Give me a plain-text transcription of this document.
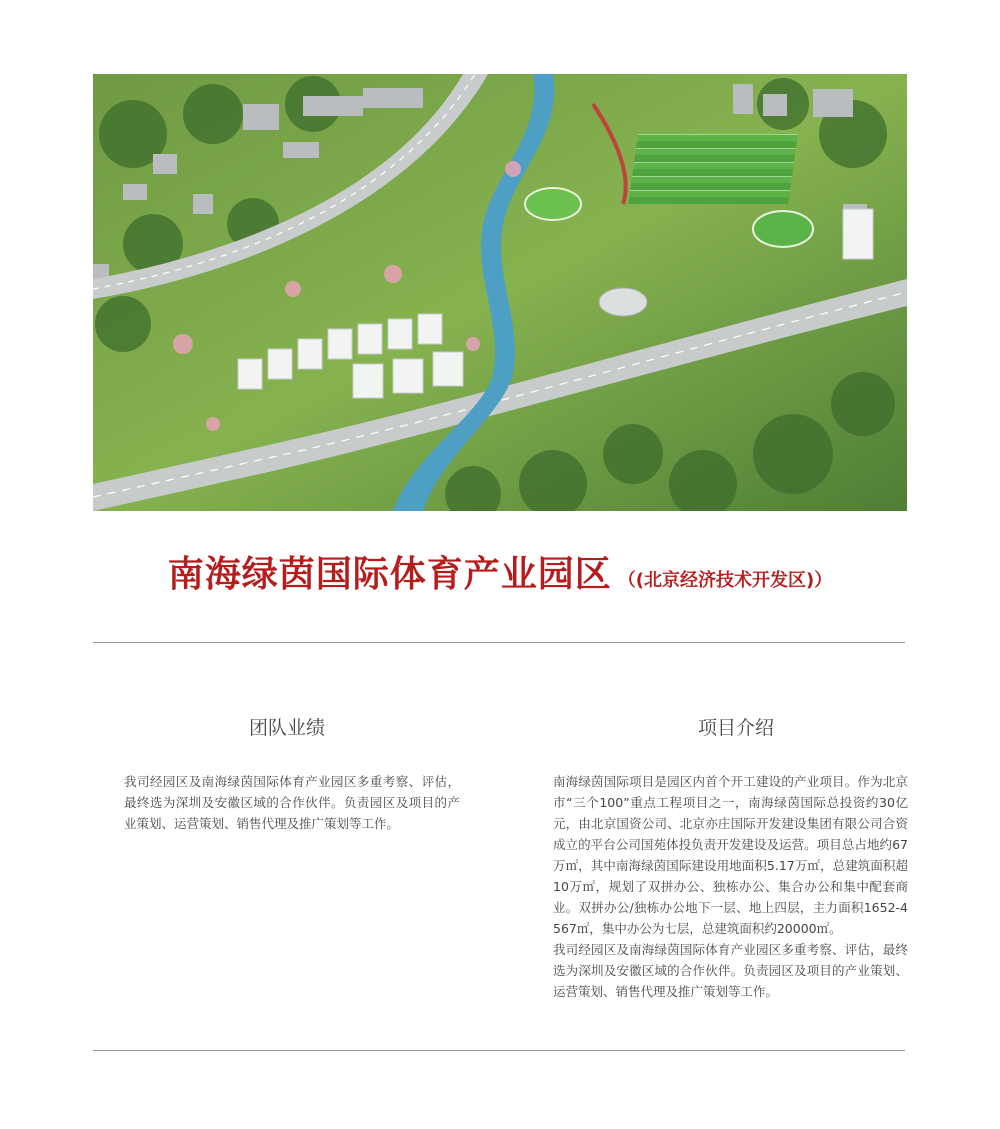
南海绿茵国际体育产业园区 （(北京经济技术开发区)）
团队业绩

我司经园区及南海绿茵国际体育产业园区多重考察、评估，最终选为深圳及安徽区域的合作伙伴。负责园区及项目的产业策划、运营策划、销售代理及推广策划等工作。

项目介绍

南海绿茵国际项目是园区内首个开工建设的产业项目。作为北京市“三个100”重点工程项目之一，南海绿茵国际总投资约30亿元，由北京国资公司、北京亦庄国际开发建设集团有限公司合资成立的平台公司国苑体投负责开发建设及运营。项目总占地约67万㎡，其中南海绿茵国际建设用地面积5.17万㎡，总建筑面积超10万㎡，规划了双拼办公、独栋办公、集合办公和集中配套商业。双拼办公/独栋办公地下一层、地上四层，主力面积1652-4567㎡，集中办公为七层，总建筑面积约20000㎡。

我司经园区及南海绿茵国际体育产业园区多重考察、评估，最终选为深圳及安徽区域的合作伙伴。负责园区及项目的产业策划、运营策划、销售代理及推广策划等工作。
